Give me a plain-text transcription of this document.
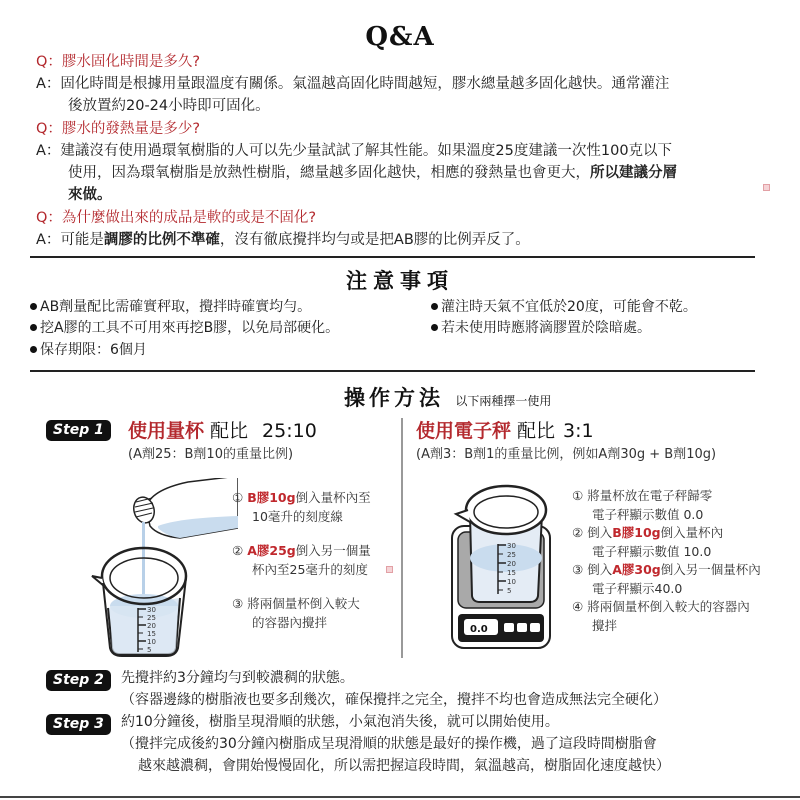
Q&A
Q：膠水固化時間是多久?
A：固化時間是根據用量跟溫度有關係。氣溫越高固化時間越短，膠水總量越多固化越快。通常灌注
後放置約20-24小時即可固化。
Q：膠水的發熱量是多少?
A：建議沒有使用過環氧樹脂的人可以先少量試試了解其性能。如果溫度25度建議一次性100克以下
使用，因為環氧樹脂是放熱性樹脂，總量越多固化越快，相應的發熱量也會更大，所以建議分層
來做。
Q：為什麼做出來的成品是軟的或是不固化?
A：可能是調膠的比例不準確，沒有徹底攪拌均勻或是把AB膠的比例弄反了。
注意事項
AB劑量配比需確實秤取，攪拌時確實均勻。	灌注時天氣不宜低於20度，可能會不乾。
挖A膠的工具不可用來再挖B膠，以免局部硬化。	若未使用時應將滴膠置於陰暗處。
保存期限：6個月
操作方法 以下兩種擇一使用
Step 1	使用量杯 配比 25:10
(A劑25：B劑10的重量比例)
30
25
20
15
10
5
① B膠10g倒入量杯內至
10毫升的刻度線
② A膠25g倒入另一個量
杯內至25毫升的刻度
③ 將兩個量杯倒入較大
的容器內攪拌
使用電子秤 配比 3:1
(A劑3：B劑1的重量比例，例如A劑30g + B劑10g)
0.0
30
25
20
15
10
5
① 將量杯放在電子秤歸零
電子秤顯示數值 0.0
② 倒入B膠10g倒入量杯內
電子秤顯示數值 10.0
③ 倒入A膠30g倒入另一個量杯內
電子秤顯示40.0
④ 將兩個量杯倒入較大的容器內
攪拌
Step 2	先攪拌約3分鐘均勻到較濃稠的狀態。
（容器邊緣的樹脂液也要多刮幾次，確保攪拌之完全，攪拌不均也會造成無法完全硬化）
Step 3	約10分鐘後，樹脂呈現滑順的狀態，小氣泡消失後，就可以開始使用。
（攪拌完成後約30分鐘內樹脂成呈現滑順的狀態是最好的操作機，過了這段時間樹脂會
越來越濃稠，會開始慢慢固化，所以需把握這段時間，氣溫越高，樹脂固化速度越快）
